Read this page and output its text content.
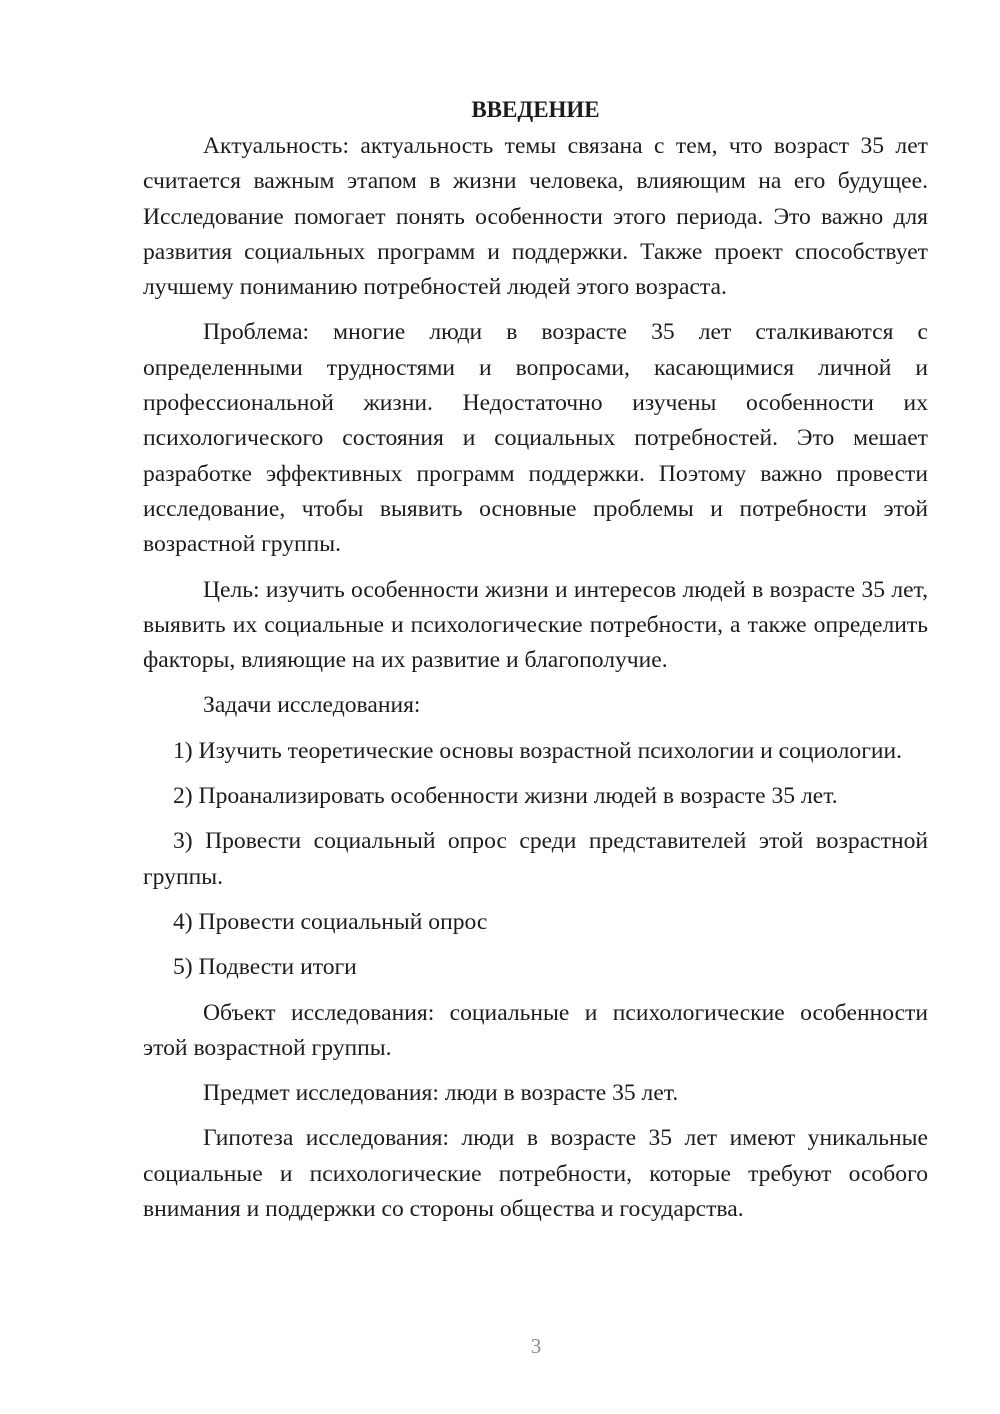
ВВЕДЕНИЕ

Актуальность: актуальность темы связана с тем, что возраст 35 лет считается важным этапом в жизни человека, влияющим на его будущее. Исследование помогает понять особенности этого периода. Это важно для развития социальных программ и поддержки. Также проект способствует лучшему пониманию потребностей людей этого возраста.

Проблема: многие люди в возрасте 35 лет сталкиваются с определенными трудностями и вопросами, касающимися личной и профессиональной жизни. Недостаточно изучены особенности их психологического состояния и социальных потребностей. Это мешает разработке эффективных программ поддержки. Поэтому важно провести исследование, чтобы выявить основные проблемы и потребности этой возрастной группы.

Цель: изучить особенности жизни и интересов людей в возрасте 35 лет, выявить их социальные и психологические потребности, а также определить факторы, влияющие на их развитие и благополучие.

Задачи исследования:

1) Изучить теоретические основы возрастной психологии и социологии.

2) Проанализировать особенности жизни людей в возрасте 35 лет.

3) Провести социальный опрос среди представителей этой возрастной группы.

4) Провести социальный опрос

5) Подвести итоги

Объект исследования: социальные и психологические особенности этой возрастной группы.

Предмет исследования: люди в возрасте 35 лет.

Гипотеза исследования: люди в возрасте 35 лет имеют уникальные социальные и психологические потребности, которые требуют особого внимания и поддержки со стороны общества и государства.

3
